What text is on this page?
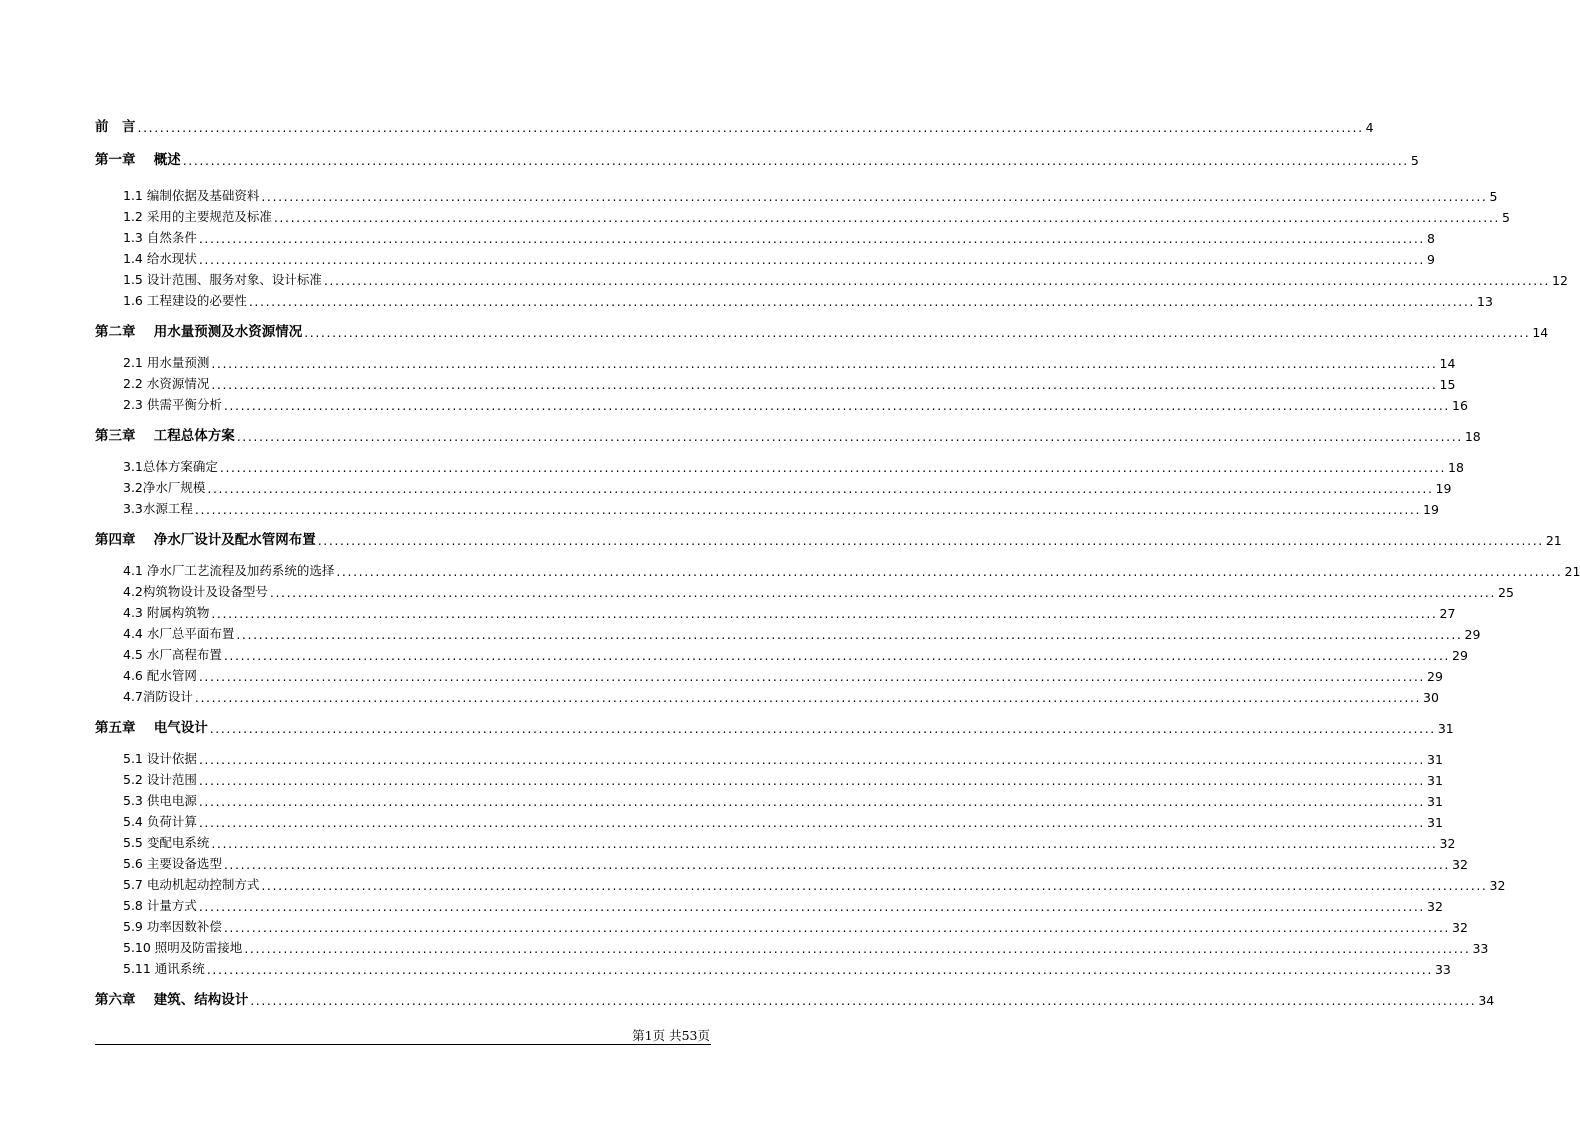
前　言 ............................................................................................................................................................................................................................ 4
第一章　 概述 ............................................................................................................................................................................................................................ 5
1.1 编制依据及基础资料 ............................................................................................................................................................................................................................ 5
1.2 采用的主要规范及标准 ............................................................................................................................................................................................................................ 5
1.3 自然条件 ............................................................................................................................................................................................................................ 8
1.4 给水现状 ............................................................................................................................................................................................................................ 9
1.5 设计范围、服务对象、设计标准 ............................................................................................................................................................................................................................ 12
1.6 工程建设的必要性 ............................................................................................................................................................................................................................ 13
第二章　 用水量预测及水资源情况 ............................................................................................................................................................................................................................ 14
2.1 用水量预测 ............................................................................................................................................................................................................................ 14
2.2 水资源情况 ............................................................................................................................................................................................................................ 15
2.3 供需平衡分析 ............................................................................................................................................................................................................................ 16
第三章　 工程总体方案 ............................................................................................................................................................................................................................ 18
3.1总体方案确定 ............................................................................................................................................................................................................................ 18
3.2净水厂规模 ............................................................................................................................................................................................................................ 19
3.3水源工程 ............................................................................................................................................................................................................................ 19
第四章　 净水厂设计及配水管网布置 ............................................................................................................................................................................................................................ 21
4.1 净水厂工艺流程及加药系统的选择 ............................................................................................................................................................................................................................ 21
4.2构筑物设计及设备型号 ............................................................................................................................................................................................................................ 25
4.3 附属构筑物 ............................................................................................................................................................................................................................ 27
4.4 水厂总平面布置 ............................................................................................................................................................................................................................ 29
4.5 水厂高程布置 ............................................................................................................................................................................................................................ 29
4.6 配水管网 ............................................................................................................................................................................................................................ 29
4.7消防设计 ............................................................................................................................................................................................................................ 30
第五章　 电气设计 ............................................................................................................................................................................................................................ 31
5.1 设计依据 ............................................................................................................................................................................................................................ 31
5.2 设计范围 ............................................................................................................................................................................................................................ 31
5.3 供电电源 ............................................................................................................................................................................................................................ 31
5.4 负荷计算 ............................................................................................................................................................................................................................ 31
5.5 变配电系统 ............................................................................................................................................................................................................................ 32
5.6 主要设备选型 ............................................................................................................................................................................................................................ 32
5.7 电动机起动控制方式 ............................................................................................................................................................................................................................ 32
5.8 计量方式 ............................................................................................................................................................................................................................ 32
5.9 功率因数补偿 ............................................................................................................................................................................................................................ 32
5.10 照明及防雷接地 ............................................................................................................................................................................................................................ 33
5.11 通讯系统 ............................................................................................................................................................................................................................ 33
第六章　 建筑、结构设计 ............................................................................................................................................................................................................................ 34
第1页 共53页
